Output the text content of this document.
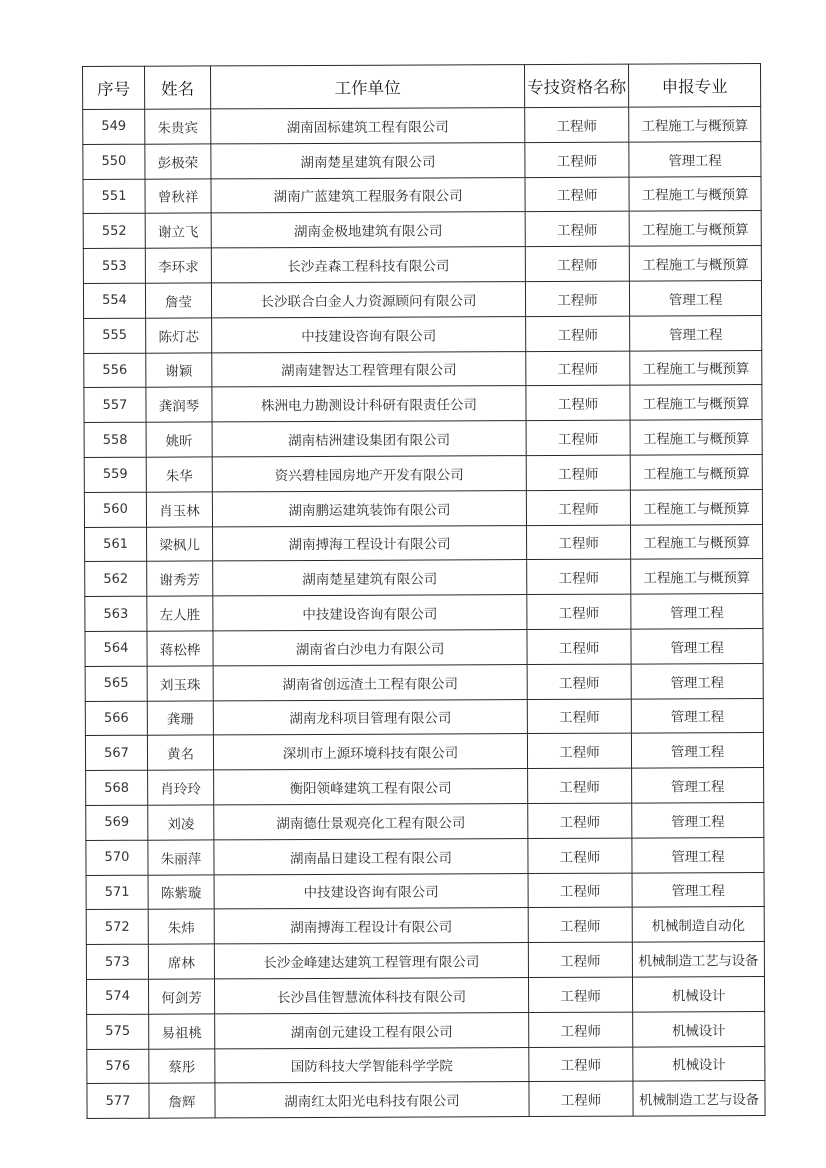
序号	姓名	工作单位	专技资格名称	申报专业
549	朱贵宾	湖南固标建筑工程有限公司	工程师	工程施工与概预算
550	彭极荣	湖南楚星建筑有限公司	工程师	管理工程
551	曾秋祥	湖南广蓝建筑工程服务有限公司	工程师	工程施工与概预算
552	谢立飞	湖南金极地建筑有限公司	工程师	工程施工与概预算
553	李环求	长沙垚森工程科技有限公司	工程师	工程施工与概预算
554	詹莹	长沙联合白金人力资源顾问有限公司	工程师	管理工程
555	陈灯芯	中技建设咨询有限公司	工程师	管理工程
556	谢颖	湖南建智达工程管理有限公司	工程师	工程施工与概预算
557	龚润琴	株洲电力勘测设计科研有限责任公司	工程师	工程施工与概预算
558	姚昕	湖南桔洲建设集团有限公司	工程师	工程施工与概预算
559	朱华	资兴碧桂园房地产开发有限公司	工程师	工程施工与概预算
560	肖玉林	湖南鹏运建筑装饰有限公司	工程师	工程施工与概预算
561	梁枫儿	湖南搏海工程设计有限公司	工程师	工程施工与概预算
562	谢秀芳	湖南楚星建筑有限公司	工程师	工程施工与概预算
563	左人胜	中技建设咨询有限公司	工程师	管理工程
564	蒋松桦	湖南省白沙电力有限公司	工程师	管理工程
565	刘玉珠	湖南省创远渣土工程有限公司	工程师	管理工程
566	龚珊	湖南龙科项目管理有限公司	工程师	管理工程
567	黄名	深圳市上源环境科技有限公司	工程师	管理工程
568	肖玲玲	衡阳领峰建筑工程有限公司	工程师	管理工程
569	刘凌	湖南德仕景观亮化工程有限公司	工程师	管理工程
570	朱丽萍	湖南晶日建设工程有限公司	工程师	管理工程
571	陈紫璇	中技建设咨询有限公司	工程师	管理工程
572	朱炜	湖南搏海工程设计有限公司	工程师	机械制造自动化
573	席林	长沙金峰建达建筑工程管理有限公司	工程师	机械制造工艺与设备
574	何剑芳	长沙昌佳智慧流体科技有限公司	工程师	机械设计
575	易祖桃	湖南创元建设工程有限公司	工程师	机械设计
576	蔡彤	国防科技大学智能科学学院	工程师	机械设计
577	詹辉	湖南红太阳光电科技有限公司	工程师	机械制造工艺与设备
